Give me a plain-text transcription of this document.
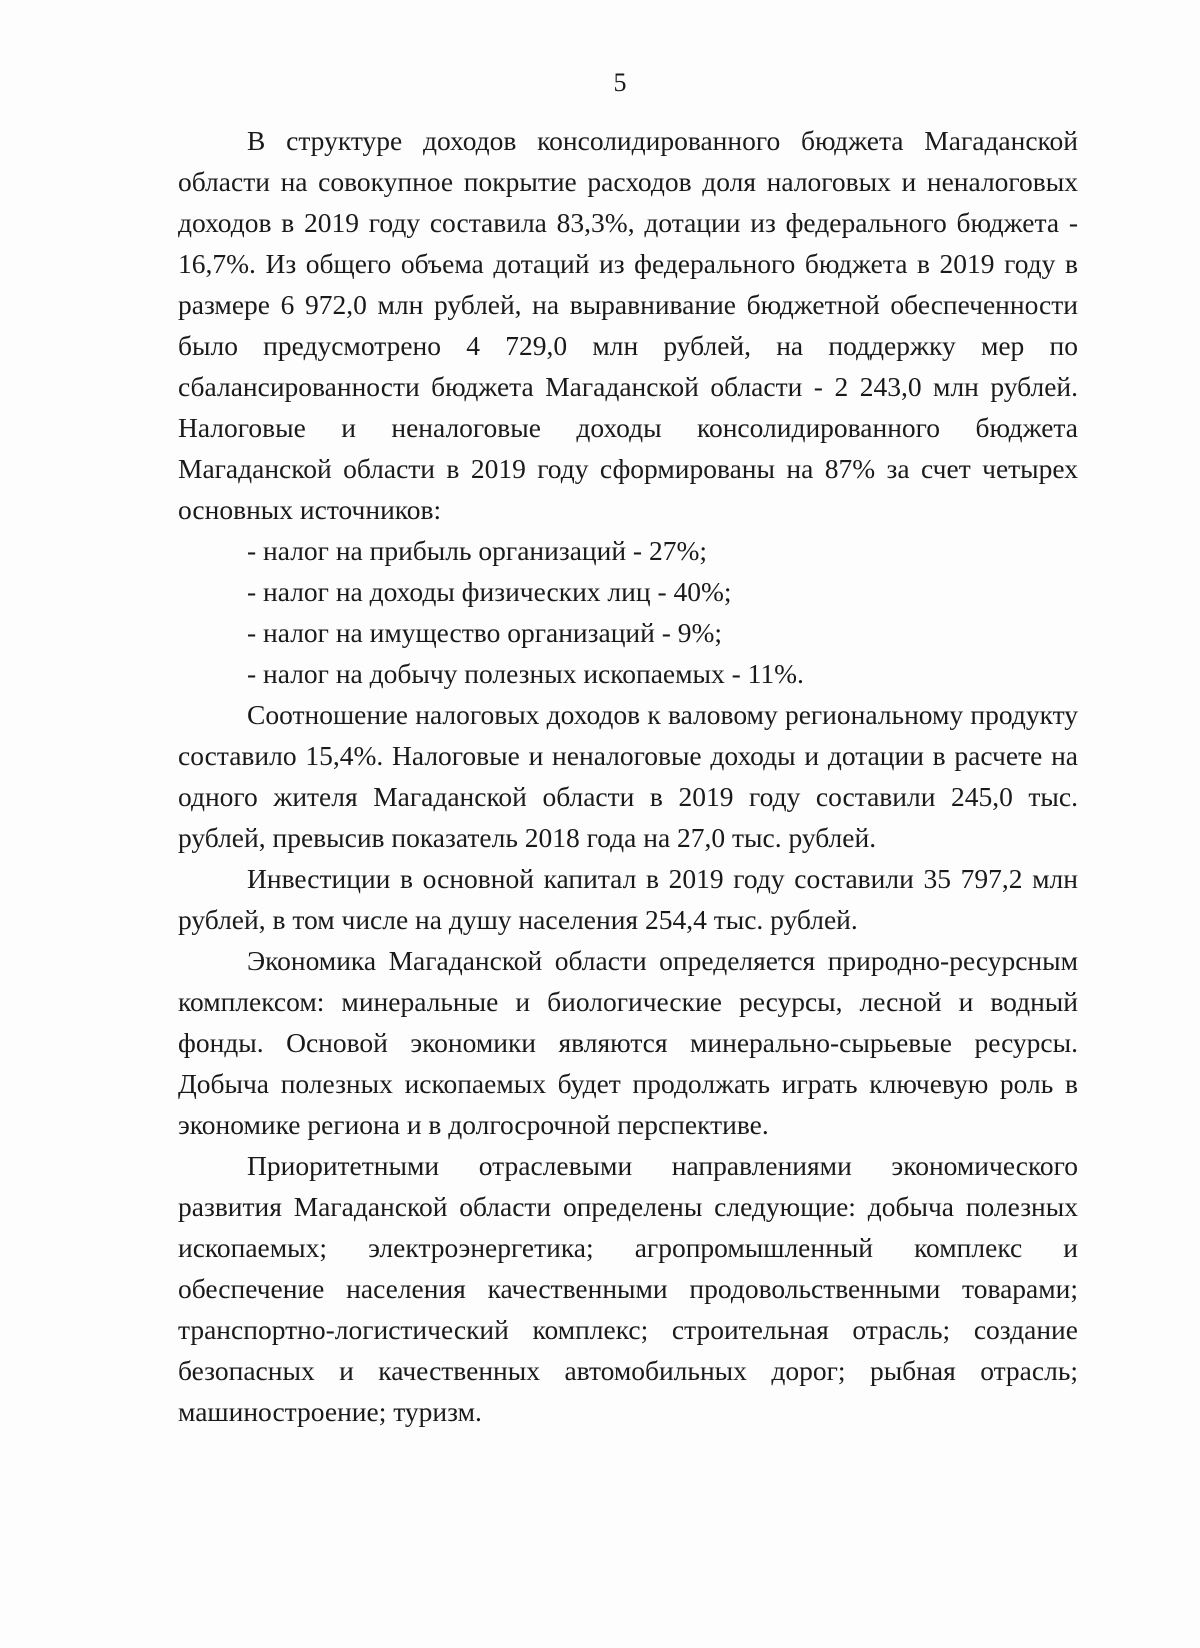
5

В структуре доходов консолидированного бюджета Магаданской области на совокупное покрытие расходов доля налоговых и неналоговых доходов в 2019 году составила 83,3%, дотации из федерального бюджета - 16,7%. Из общего объема дотаций из федерального бюджета в 2019 году в размере 6 972,0 млн рублей, на выравнивание бюджетной обеспеченности было предусмотрено 4 729,0 млн рублей, на поддержку мер по сбалансированности бюджета Магаданской области - 2 243,0 млн рублей. Налоговые и неналоговые доходы консолидированного бюджета Магаданской области в 2019 году сформированы на 87% за счет четырех основных источников:

- налог на прибыль организаций - 27%;
- налог на доходы физических лиц - 40%;
- налог на имущество организаций - 9%;
- налог на добычу полезных ископаемых - 11%.

Соотношение налоговых доходов к валовому региональному продукту составило 15,4%. Налоговые и неналоговые доходы и дотации в расчете на одного жителя Магаданской области в 2019 году составили 245,0 тыс. рублей, превысив показатель 2018 года на 27,0 тыс. рублей.

Инвестиции в основной капитал в 2019 году составили 35 797,2 млн рублей, в том числе на душу населения 254,4 тыс. рублей.

Экономика Магаданской области определяется природно-ресурсным комплексом: минеральные и биологические ресурсы, лесной и водный фонды. Основой экономики являются минерально-сырьевые ресурсы. Добыча полезных ископаемых будет продолжать играть ключевую роль в экономике региона и в долгосрочной перспективе.

Приоритетными отраслевыми направлениями экономического развития Магаданской области определены следующие: добыча полезных ископаемых; электроэнергетика; агропромышленный комплекс и обеспечение населения качественными продовольственными товарами; транспортно-логистический комплекс; строительная отрасль; создание безопасных и качественных автомобильных дорог; рыбная отрасль; машиностроение; туризм.
